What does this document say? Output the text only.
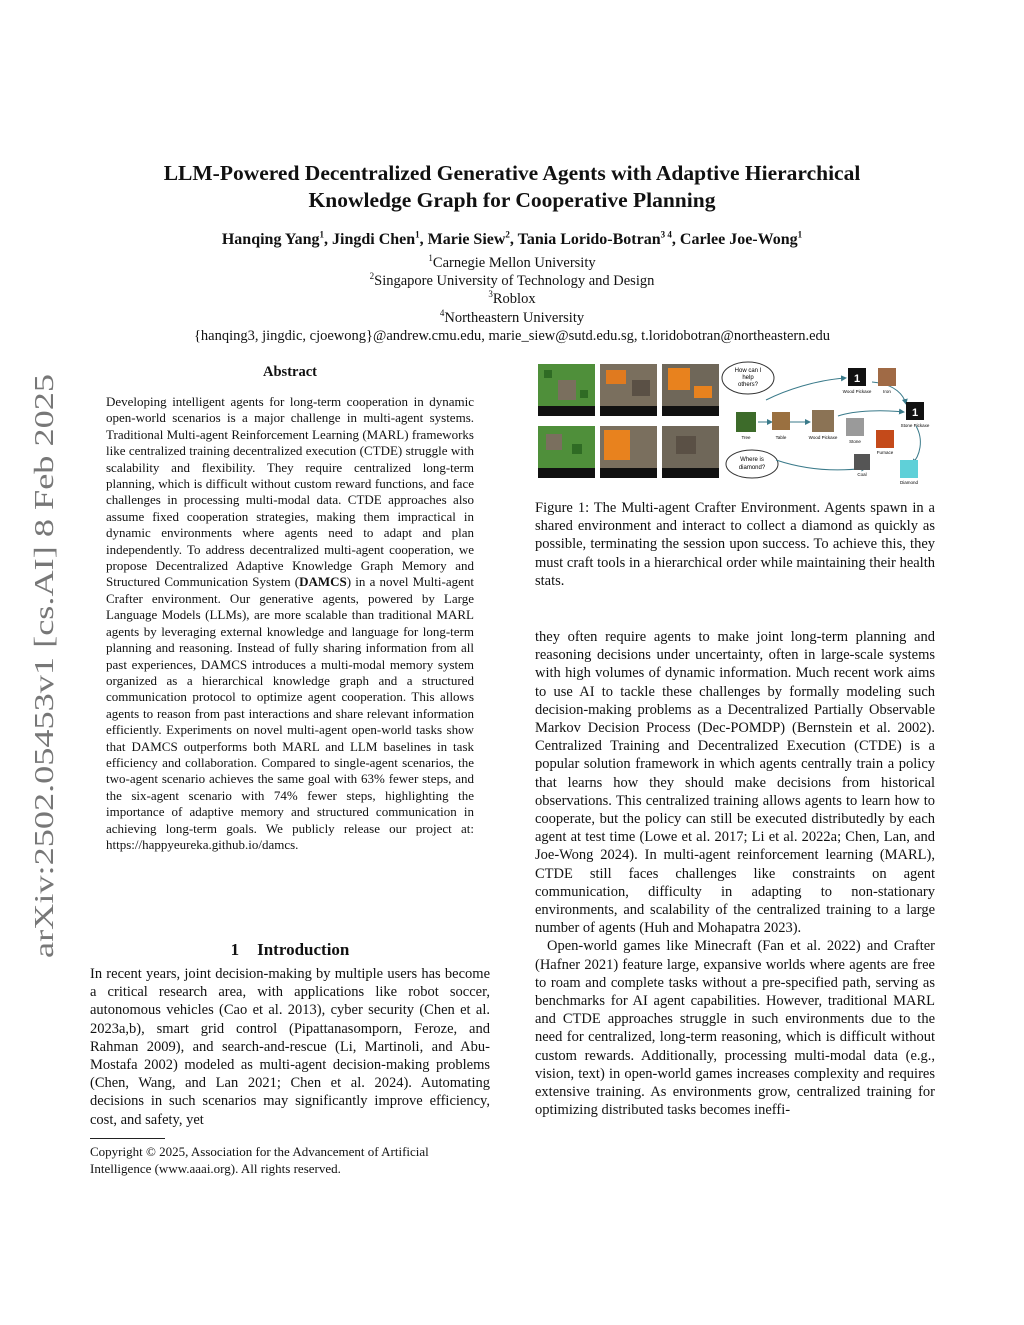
arXiv:2502.05453v1 [cs.AI] 8 Feb 2025
LLM-Powered Decentralized Generative Agents with Adaptive Hierarchical
Knowledge Graph for Cooperative Planning
Hanqing Yang$^1$, Jingdi Chen$^1$, Marie Siew$^2$, Tania Lorido-Botran$^{3 4}$, Carlee Joe-Wong$^1$
$^1$Carnegie Mellon University
$^2$Singapore University of Technology and Design
$^3$Roblox
$^4$Northeastern University
{hanqing3, jingdic, cjoewong}@andrew.cmu.edu, marie_siew@sutd.edu.sg, t.loridobotran@northeastern.edu
Abstract
Developing intelligent agents for long-term cooperation in dynamic open-world scenarios is a major challenge in multi-agent systems. Traditional Multi-agent Reinforcement Learning (MARL) frameworks like centralized training decentralized execution (CTDE) struggle with scalability and flexibility. They require centralized long-term planning, which is difficult without custom reward functions, and face challenges in processing multi-modal data. CTDE approaches also assume fixed cooperation strategies, making them impractical in dynamic environments where agents need to adapt and plan independently. To address decentralized multi-agent cooperation, we propose Decentralized Adaptive Knowledge Graph Memory and Structured Communication System (DAMCS) in a novel Multi-agent Crafter environment. Our generative agents, powered by Large Language Models (LLMs), are more scalable than traditional MARL agents by leveraging external knowledge and language for long-term planning and reasoning. Instead of fully sharing information from all past experiences, DAMCS introduces a multi-modal memory system organized as a hierarchical knowledge graph and a structured communication protocol to optimize agent cooperation. This allows agents to reason from past interactions and share relevant information efficiently. Experiments on novel multi-agent open-world tasks show that DAMCS outperforms both MARL and LLM baselines in task efficiency and collaboration. Compared to single-agent scenarios, the two-agent scenario achieves the same goal with 63% fewer steps, and the six-agent scenario with 74% fewer steps, highlighting the importance of adaptive memory and structured communication in achieving long-term goals. We publicly release our project at: https://happyeureka.github.io/damcs.
1 Introduction
In recent years, joint decision-making by multiple users has become a critical research area, with applications like robot soccer, autonomous vehicles (Cao et al. 2013), cyber security (Chen et al. 2023a,b), smart grid control (Pipattanasomporn, Feroze, and Rahman 2009), and search-and-rescue (Li, Martinoli, and Abu-Mostafa 2002) modeled as multi-agent decision-making problems (Chen, Wang, and Lan 2021; Chen et al. 2024). Automating decisions in such scenarios may significantly improve efficiency, cost, and safety, yet
Copyright © 2025, Association for the Advancement of Artificial Intelligence (www.aaai.org). All rights reserved.
How can I
help
others?
Where is
diamond?
1
Wood Pickaxe	Iron
1
Stone Pickaxe
Tree	Table	Wood Pickaxe
Stone
Furnace
Coal
Diamond
Figure 1: The Multi-agent Crafter Environment. Agents spawn in a shared environment and interact to collect a diamond as quickly as possible, terminating the session upon success. To achieve this, they must craft tools in a hierarchical order while maintaining their health stats.

they often require agents to make joint long-term planning and reasoning decisions under uncertainty, often in large-scale systems with high volumes of dynamic information. Much recent work aims to use AI to tackle these challenges by formally modeling such decision-making problems as a Decentralized Partially Observable Markov Decision Process (Dec-POMDP) (Bernstein et al. 2002). Centralized Training and Decentralized Execution (CTDE) is a popular solution framework in which agents centrally train a policy that learns how they should make decisions from historical observations. This centralized training allows agents to learn how to cooperate, but the policy can still be executed distributedly by each agent at test time (Lowe et al. 2017; Li et al. 2022a; Chen, Lan, and Joe-Wong 2024). In multi-agent reinforcement learning (MARL), CTDE still faces challenges like constraints on agent communication, difficulty in adapting to non-stationary environments, and scalability of the centralized training to a large number of agents (Huh and Mohapatra 2023).

Open-world games like Minecraft (Fan et al. 2022) and Crafter (Hafner 2021) feature large, expansive worlds where agents are free to roam and complete tasks without a pre-specified path, serving as benchmarks for AI agent capabilities. However, traditional MARL and CTDE approaches struggle in such environments due to the need for centralized, long-term reasoning, which is difficult without custom rewards. Additionally, processing multi-modal data (e.g., vision, text) in open-world games increases complexity and requires extensive training. As environments grow, centralized training for optimizing distributed tasks becomes ineffi-
